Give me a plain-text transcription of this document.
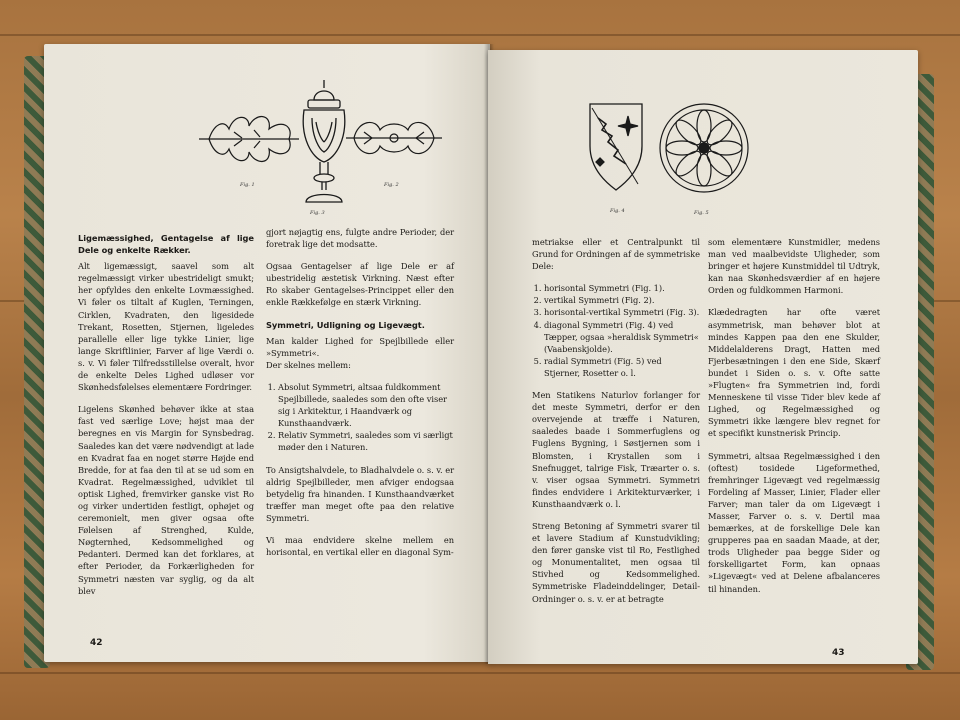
Fig. 1
Fig. 3
Fig. 2

Ligemæssighed, Gentagelse af lige Dele og enkelte Rækker.

Alt ligemæssigt, saavel som alt regelmæssigt virker ubestrideligt smukt; her opfyldes den enkelte Lovmæssighed. Vi føler os tiltalt af Kuglen, Terningen, Cirklen, Kvadraten, den ligesidede Trekant, Rosetten, Stjernen, ligeledes parallelle eller lige tykke Linier, lige lange Skriftlinier, Farver af lige Værdi o. s. v. Vi føler Tilfredsstillelse overalt, hvor de enkelte Deles Lighed udløser vor Skønhedsfølelses elementære Fordringer.

Ligelens Skønhed behøver ikke at staa fast ved særlige Love; højst maa der beregnes en vis Margin for Synsbedrag. Saaledes kan det være nødvendigt at lade en Kvadrat faa en noget større Højde end Bredde, for at faa den til at se ud som en Kvadrat. Regelmæssighed, udviklet til optisk Lighed, fremvirker ganske vist Ro og virker undertiden festligt, ophøjet og ceremonielt, men giver ogsaa ofte Følelsen af Strenghed, Kulde, Nøgternhed, Kedsommelighed og Pedanteri. Dermed kan det forklares, at efter Perioder, da Forkærligheden for Symmetri næsten var syglig, og da alt blev

gjort nøjagtig ens, fulgte andre Perioder, der foretrak lige det modsatte.

Ogsaa Gentagelser af lige Dele er af ubestridelig æstetisk Virkning. Næst efter Ro skaber Gentagelses-Princippet eller den enkle Rækkefølge en stærk Virkning.

Symmetri, Udligning og Ligevægt.

Man kalder Lighed for Spejlbillede eller »Symmetri«.

Der skelnes mellem:

1. Absolut Symmetri, altsaa fuldkomment Spejlbillede, saaledes som den ofte viser sig i Arkitektur, i Haandværk og Kunsthaandværk.
2. Relativ Symmetri, saaledes som vi særligt møder den i Naturen.

To Ansigtshalvdele, to Bladhalvdele o. s. v. er aldrig Spejlbilleder, men afviger endogsaa betydelig fra hinanden. I Kunsthaandværket træffer man meget ofte paa den relative Symmetri.

Vi maa endvidere skelne mellem en horisontal, en vertikal eller en diagonal Sym-

42
Fig. 4	Fig. 5

metriakse eller et Centralpunkt til Grund for Ordningen af de symmetriske Dele:

1. horisontal Symmetri (Fig. 1).
2. vertikal Symmetri (Fig. 2).
3. horisontal-vertikal Symmetri (Fig. 3).
4. diagonal Symmetri (Fig. 4) ved Tæpper, ogsaa »heraldisk Symmetri« (Vaabenskjolde).
5. radial Symmetri (Fig. 5) ved Stjerner, Rosetter o. l.

Men Statikens Naturlov forlanger for det meste Symmetri, derfor er den overvejende at træffe i Naturen, saaledes baade i Sommerfuglens og Fuglens Bygning, i Søstjernen som i Blomsten, i Krystallen som i Snefnugget, talrige Fisk, Træarter o. s. v. viser ogsaa Symmetri. Symmetri findes endvidere i Arkitekturværker, i Kunsthaandværk o. l.

Streng Betoning af Symmetri svarer til et lavere Stadium af Kunstudvikling; den fører ganske vist til Ro, Festlighed og Monumentalitet, men ogsaa til Stivhed og Kedsommelighed. Symmetriske Fladeinddelinger, Detail-Ordninger o. s. v. er at betragte

som elementære Kunstmidler, medens man ved maalbevidste Uligheder, som bringer et højere Kunstmiddel til Udtryk, kan naa Skønhedsværdier af en højere Orden og fuldkommen Harmoni.

Klædedragten har ofte været asymmetrisk, man behøver blot at mindes Kappen paa den ene Skulder, Middelalderens Dragt, Hatten med Fjerbesætningen i den ene Side, Skærf bundet i Siden o. s. v. Ofte satte »Flugten« fra Symmetrien ind, fordi Menneskene til visse Tider blev kede af Lighed, og Regelmæssighed og Symmetri ikke længere blev regnet for et specifikt kunstnerisk Princip.

Symmetri, altsaa Regelmæssighed i den (oftest) tosidede Ligeformethed, fremhringer Ligevægt ved regelmæssig Fordeling af Masser, Linier, Flader eller Farver; man taler da om Ligevægt i Masser, Farver o. s. v. Dertil maa bemærkes, at de forskellige Dele kan grupperes paa en saadan Maade, at der, trods Uligheder paa begge Sider og forskelligartet Form, kan opnaas »Ligevægt« ved at Delene afbalanceres til hinanden.

43
